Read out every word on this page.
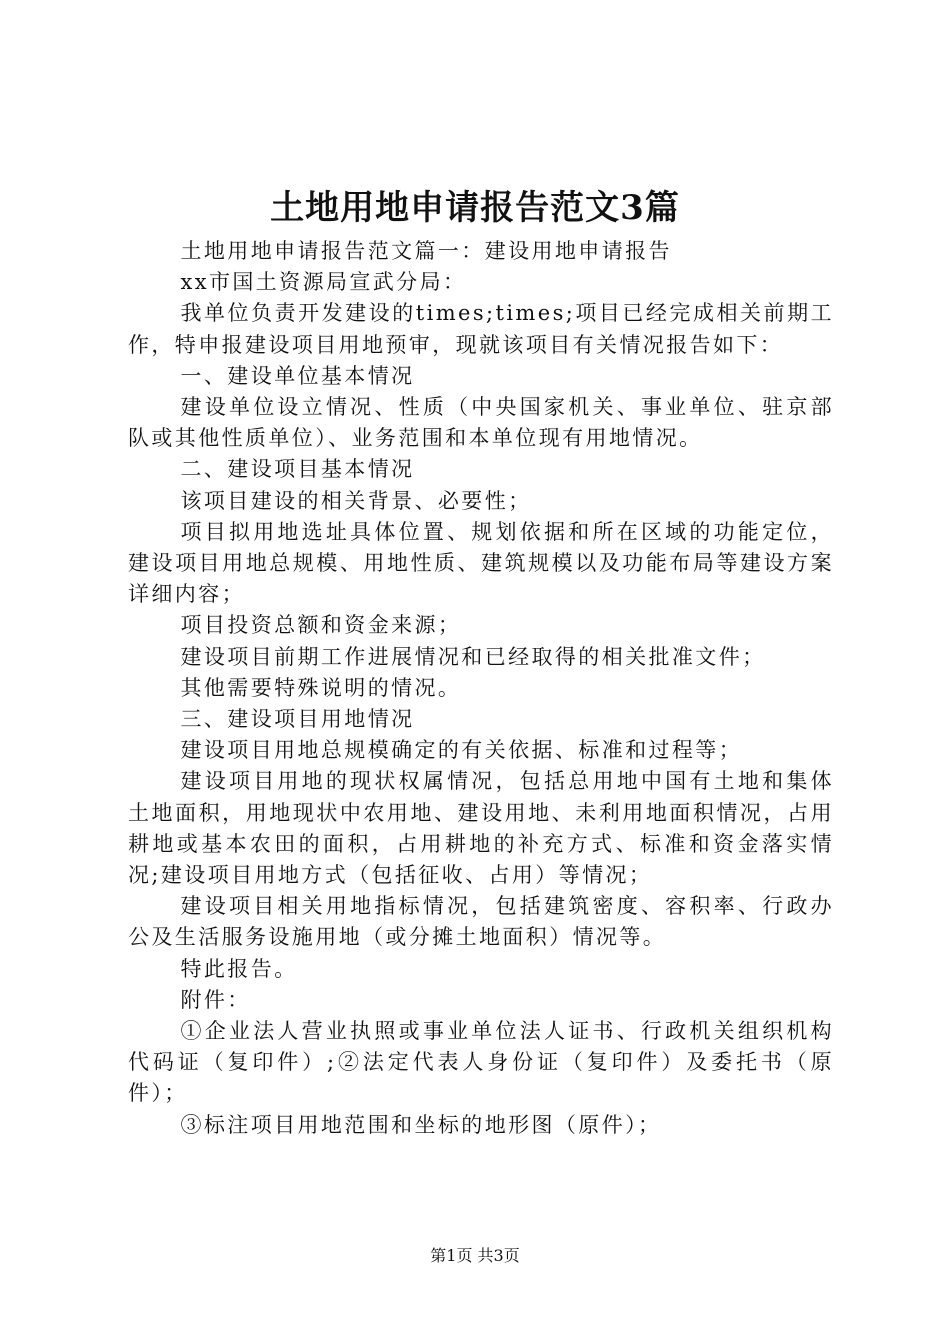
土地用地申请报告范文3篇

土地用地申请报告范文篇一：建设用地申请报告

xx市国土资源局宣武分局：

我单位负责开发建设的times;times;项目已经完成相关前期工作，特申报建设项目用地预审，现就该项目有关情况报告如下：

一、建设单位基本情况

建设单位设立情况、性质（中央国家机关、事业单位、驻京部队或其他性质单位）、业务范围和本单位现有用地情况。

二、建设项目基本情况

该项目建设的相关背景、必要性；

项目拟用地选址具体位置、规划依据和所在区域的功能定位，建设项目用地总规模、用地性质、建筑规模以及功能布局等建设方案详细内容；

项目投资总额和资金来源；

建设项目前期工作进展情况和已经取得的相关批准文件；

其他需要特殊说明的情况。

三、建设项目用地情况

建设项目用地总规模确定的有关依据、标准和过程等；

建设项目用地的现状权属情况，包括总用地中国有土地和集体土地面积，用地现状中农用地、建设用地、未利用地面积情况，占用耕地或基本农田的面积，占用耕地的补充方式、标准和资金落实情况;建设项目用地方式（包括征收、占用）等情况；

建设项目相关用地指标情况，包括建筑密度、容积率、行政办公及生活服务设施用地（或分摊土地面积）情况等。

特此报告。

附件：

①企业法人营业执照或事业单位法人证书、行政机关组织机构代码证（复印件）;②法定代表人身份证（复印件）及委托书（原件）；

③标注项目用地范围和坐标的地形图（原件）；

第1页 共3页
